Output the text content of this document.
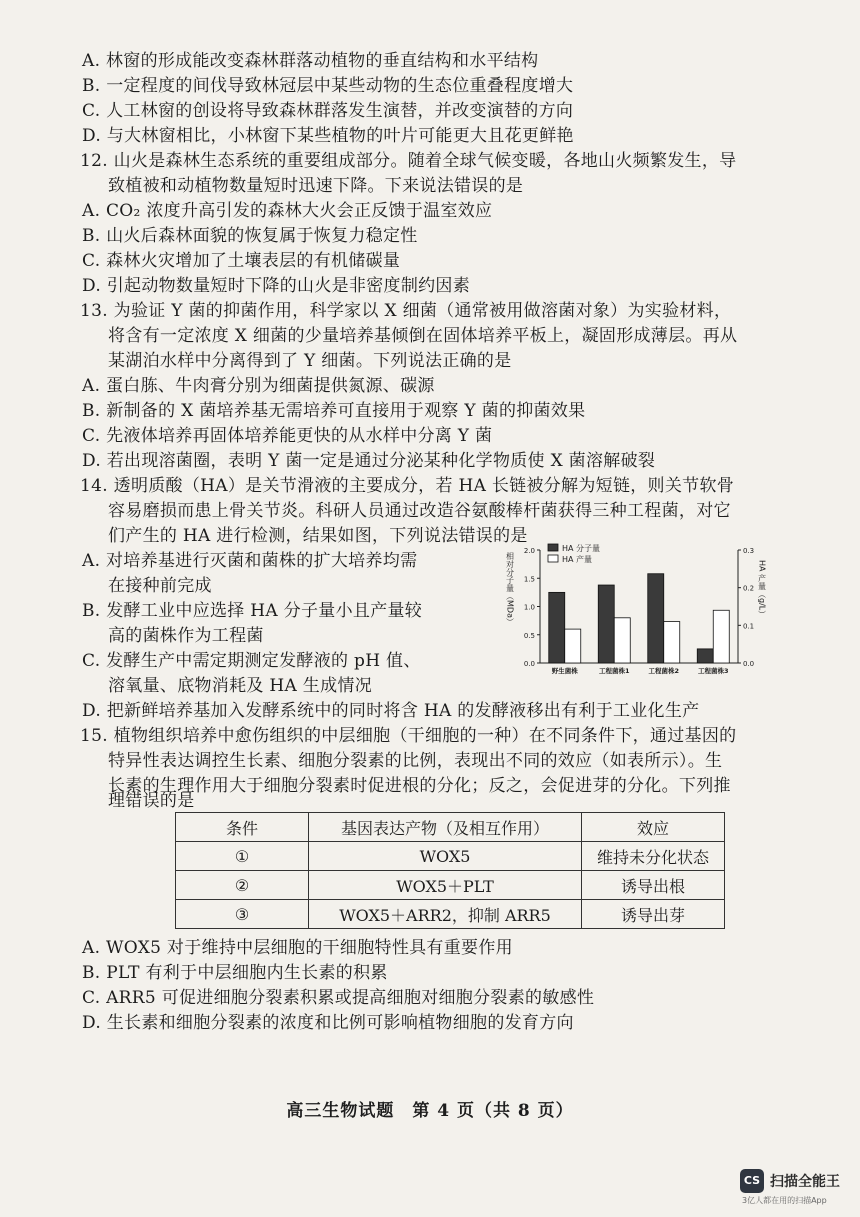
A. 林窗的形成能改变森林群落动植物的垂直结构和水平结构
B. 一定程度的间伐导致林冠层中某些动物的生态位重叠程度增大
C. 人工林窗的创设将导致森林群落发生演替，并改变演替的方向
D. 与大林窗相比，小林窗下某些植物的叶片可能更大且花更鲜艳
12. 山火是森林生态系统的重要组成部分。随着全球气候变暖，各地山火频繁发生，导
致植被和动植物数量短时迅速下降。下来说法错误的是
A. CO₂ 浓度升高引发的森林大火会正反馈于温室效应
B. 山火后森林面貌的恢复属于恢复力稳定性
C. 森林火灾增加了土壤表层的有机储碳量
D. 引起动物数量短时下降的山火是非密度制约因素
13. 为验证 Y 菌的抑菌作用，科学家以 X 细菌（通常被用做溶菌对象）为实验材料，
将含有一定浓度 X 细菌的少量培养基倾倒在固体培养平板上，凝固形成薄层。再从
某湖泊水样中分离得到了 Y 细菌。下列说法正确的是
A. 蛋白胨、牛肉膏分别为细菌提供氮源、碳源
B. 新制备的 X 菌培养基无需培养可直接用于观察 Y 菌的抑菌效果
C. 先液体培养再固体培养能更快的从水样中分离 Y 菌
D. 若出现溶菌圈，表明 Y 菌一定是通过分泌某种化学物质使 X 菌溶解破裂
14. 透明质酸（HA）是关节滑液的主要成分，若 HA 长链被分解为短链，则关节软骨
容易磨损而患上骨关节炎。科研人员通过改造谷氨酸棒杆菌获得三种工程菌，对它
们产生的 HA 进行检测，结果如图，下列说法错误的是
A. 对培养基进行灭菌和菌株的扩大培养均需
在接种前完成
B. 发酵工业中应选择 HA 分子量小且产量较
高的菌株作为工程菌
C. 发酵生产中需定期测定发酵液的 pH 值、
溶氧量、底物消耗及 HA 生成情况
D. 把新鲜培养基加入发酵系统中的同时将含 HA 的发酵液移出有利于工业化生产
0.0
0.5
1.0
1.5
2.0
0.0
0.1
0.2
0.3
相对分子量（MDa）	HA 产量（g/L）
HA 分子量
HA 产量
野生菌株	工程菌株1	工程菌株2	工程菌株3
15. 植物组织培养中愈伤组织的中层细胞（干细胞的一种）在不同条件下，通过基因的
特异性表达调控生长素、细胞分裂素的比例，表现出不同的效应（如表所示）。生
长素的生理作用大于细胞分裂素时促进根的分化；反之，会促进芽的分化。下列推
理错误的是
条件	基因表达产物（及相互作用）	效应
①	WOX5	维持未分化状态
②	WOX5＋PLT	诱导出根
③	WOX5＋ARR2，抑制 ARR5	诱导出芽
A. WOX5 对于维持中层细胞的干细胞特性具有重要作用
B. PLT 有利于中层细胞内生长素的积累
C. ARR5 可促进细胞分裂素积累或提高细胞对细胞分裂素的敏感性
D. 生长素和细胞分裂素的浓度和比例可影响植物细胞的发育方向
高三生物试题　第 4 页（共 8 页）
CS 扫描全能王
3亿人都在用的扫描App
